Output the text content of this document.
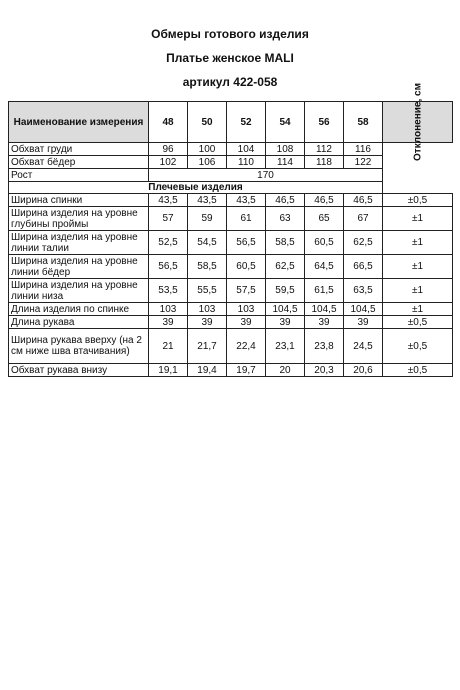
Обмеры готового изделия
Платье женское MALI
артикул 422-058
Наименование измерения	48	50	52	54	56	58	Отклонение, см

Обхват груди	96	100	104	108	112	116	
Обхват бёдер	102	106	110	114	118	122	
Рост	170						
Плечевые изделия							
Ширина спинки	43,5	43,5	43,5	46,5	46,5	46,5	±0,5
Ширина изделия на уровне глубины проймы	57	59	61	63	65	67	±1
Ширина изделия на уровне линии талии	52,5	54,5	56,5	58,5	60,5	62,5	±1
Ширина изделия на уровне линии бёдер	56,5	58,5	60,5	62,5	64,5	66,5	±1
Ширина изделия на уровне линии низа	53,5	55,5	57,5	59,5	61,5	63,5	±1
Длина изделия по спинке	103	103	103	104,5	104,5	104,5	±1
Длина рукава	39	39	39	39	39	39	±0,5
Ширина рукава вверху (на 2 см ниже шва втачивания)	21	21,7	22,4	23,1	23,8	24,5	±0,5
Обхват рукава внизу	19,1	19,4	19,7	20	20,3	20,6	±0,5
